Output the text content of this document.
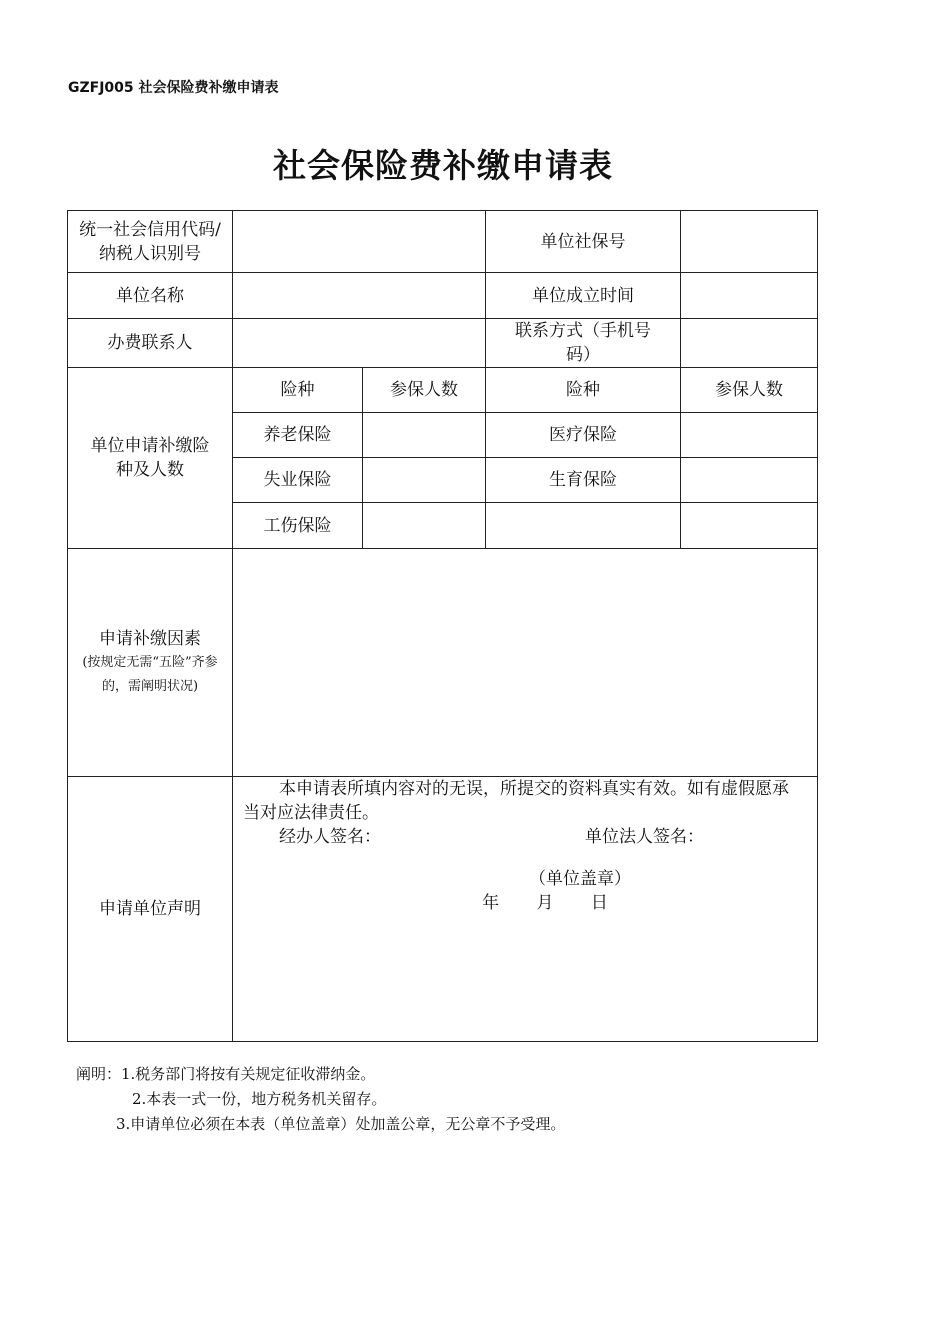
GZFJ005 社会保险费补缴申请表
社会保险费补缴申请表
统一社会信用代码/纳税人识别号			单位社保号	
单位名称			单位成立时间	
办费联系人			联系方式（手机号码）	
单位申请补缴险种及人数	险种	参保人数	险种	参保人数
	养老保险		医疗保险	
	失业保险		生育保险	
	工伤保险			

申请补缴因素
(按规定无需“五险”齐参的，需阐明状况)				

申请单位声明	本申请表所填内容对的无误，所提交的资料真实有效。如有虚假愿承当对应法律责任。

经办人签名： 单位法人签名：
（单位盖章）
年 月 日			
阐明：1.税务部门将按有关规定征收滞纳金。
2.本表一式一份，地方税务机关留存。
3.申请单位必须在本表（单位盖章）处加盖公章，无公章不予受理。
